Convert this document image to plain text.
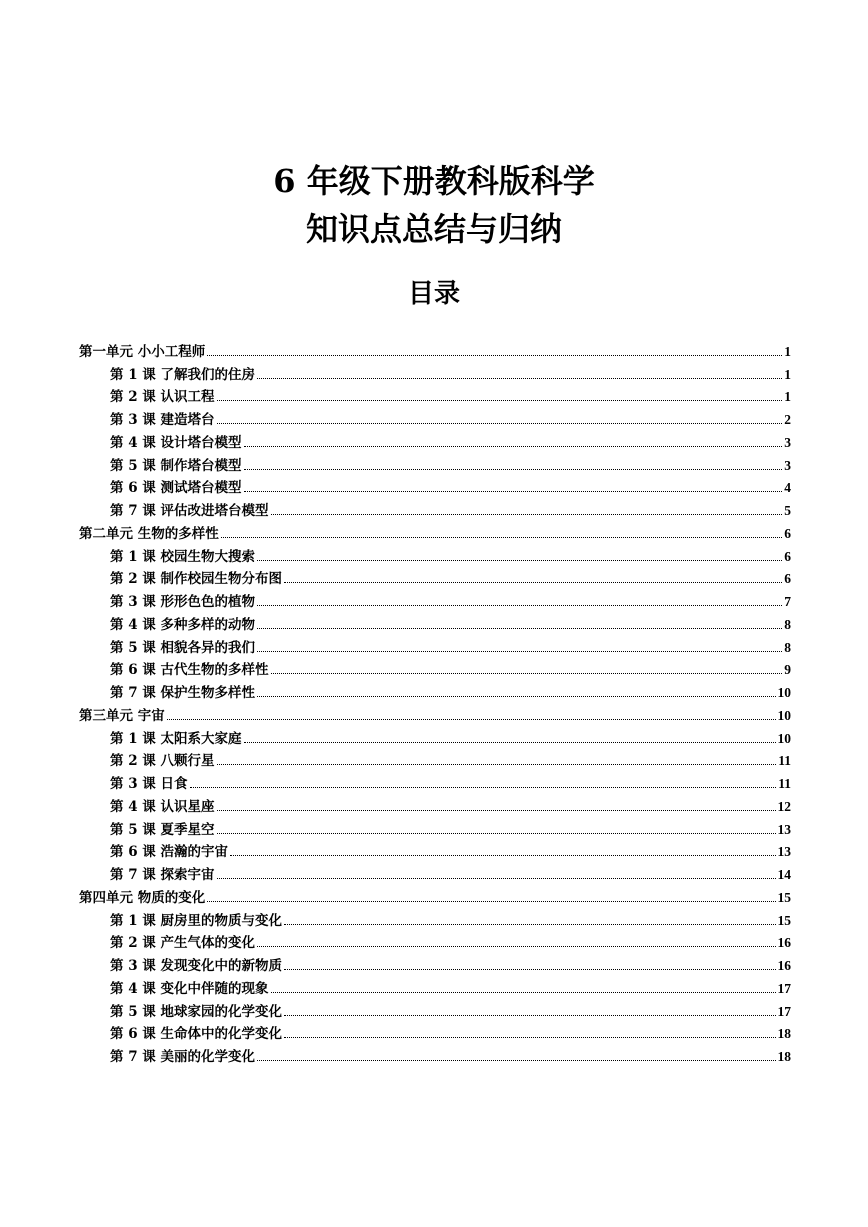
6 年级下册教科版科学
知识点总结与归纳
目录
第一单元 小小工程师	1
第 1 课 了解我们的住房	1
第 2 课 认识工程	1
第 3 课 建造塔台	2
第 4 课 设计塔台模型	3
第 5 课 制作塔台模型	3
第 6 课 测试塔台模型	4
第 7 课 评估改进塔台模型	5
第二单元 生物的多样性	6
第 1 课 校园生物大搜索	6
第 2 课 制作校园生物分布图	6
第 3 课 形形色色的植物	7
第 4 课 多种多样的动物	8
第 5 课 相貌各异的我们	8
第 6 课 古代生物的多样性	9
第 7 课 保护生物多样性	10
第三单元 宇宙	10
第 1 课 太阳系大家庭	10
第 2 课 八颗行星	11
第 3 课 日食	11
第 4 课 认识星座	12
第 5 课 夏季星空	13
第 6 课 浩瀚的宇宙	13
第 7 课 探索宇宙	14
第四单元 物质的变化	15
第 1 课 厨房里的物质与变化	15
第 2 课 产生气体的变化	16
第 3 课 发现变化中的新物质	16
第 4 课 变化中伴随的现象	17
第 5 课 地球家园的化学变化	17
第 6 课 生命体中的化学变化	18
第 7 课 美丽的化学变化	18
